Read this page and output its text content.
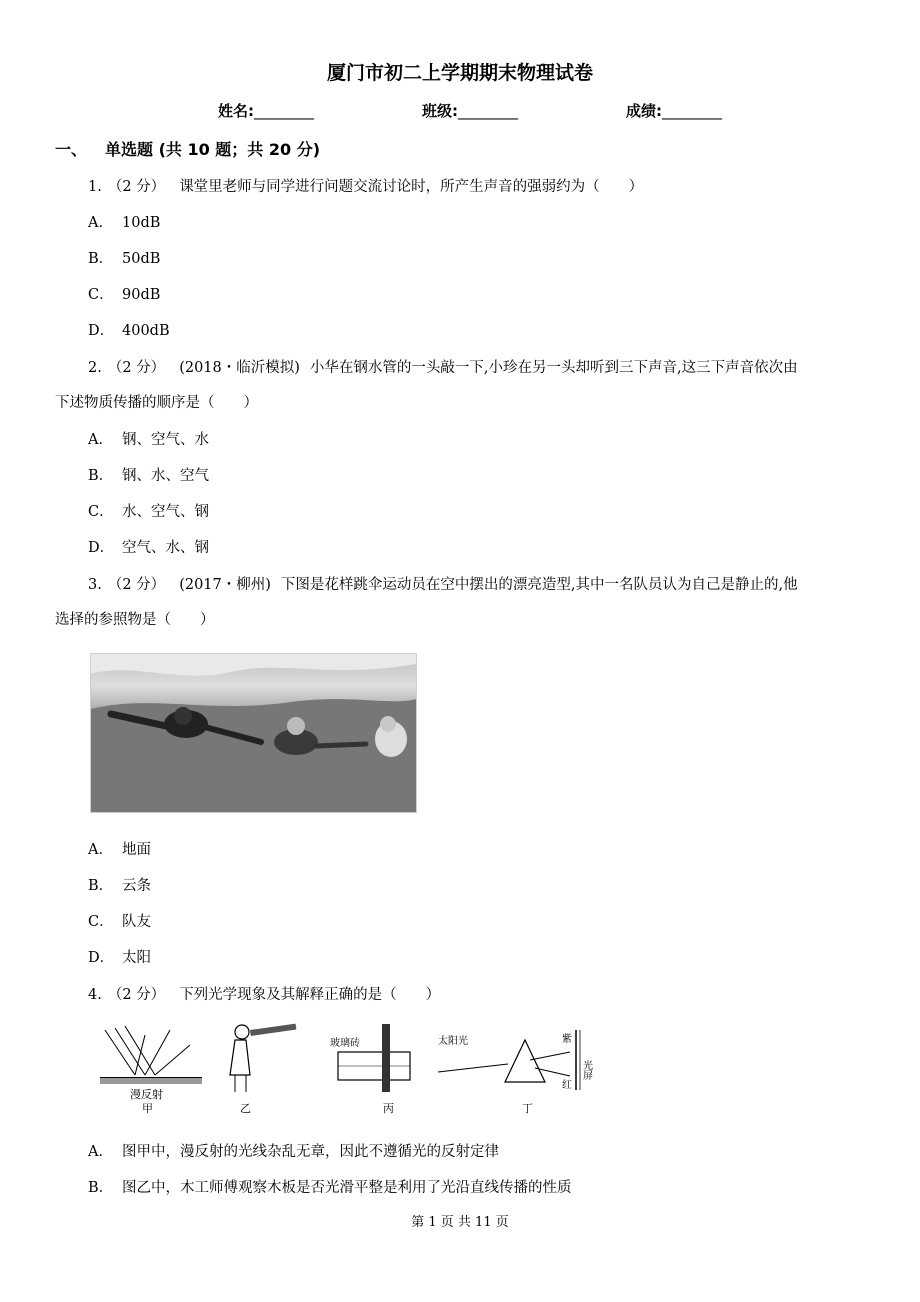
厦门市初二上学期期末物理试卷
姓名:________	班级:________	成绩:________
一、 单选题 (共 10 题；共 20 分)
1. （2 分） 课堂里老师与同学进行问题交流讨论时，所产生声音的强弱约为（　　）
A． 10dB
B． 50dB
C． 90dB
D． 400dB
2. （2 分） (2018・临沂模拟) 小华在钢水管的一头敲一下,小珍在另一头却听到三下声音,这三下声音依次由
下述物质传播的顺序是（　　）
A． 钢、空气、水
B． 钢、水、空气
C． 水、空气、钢
D． 空气、水、钢
3. （2 分） (2017・柳州) 下图是花样跳伞运动员在空中摆出的漂亮造型,其中一名队员认为自己是静止的,他
选择的参照物是（　　）
A． 地面
B． 云条
C． 队友
D． 太阳
4. （2 分） 下列光学现象及其解释正确的是（　　）
漫反射
甲	乙
玻璃砖
丙
太阳光	紫
红
光屏
丁
A． 图甲中，漫反射的光线杂乱无章，因此不遵循光的反射定律
B． 图乙中，木工师傅观察木板是否光滑平整是利用了光沿直线传播的性质
第 1 页 共 11 页
